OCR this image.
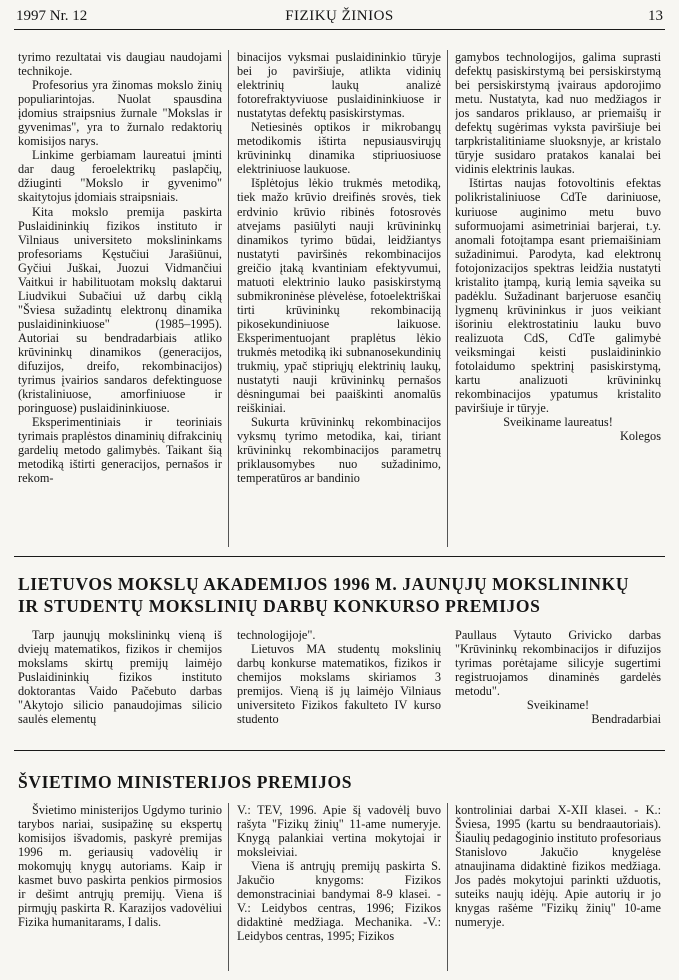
1997 Nr. 12	FIZIKŲ ŽINIOS	13

tyrimo rezultatai vis daugiau naudojami technikoje.

Profesorius yra žinomas mokslo žinių populiarintojas. Nuolat spausdina įdomius straipsnius žurnale "Mokslas ir gyvenimas", yra to žurnalo redaktorių komisijos narys.

Linkime gerbiamam laureatui įminti dar daug feroelektrikų paslapčių, džiuginti "Mokslo ir gyvenimo" skaitytojus įdomiais straipsniais.

Kita mokslo premija paskirta Puslaidininkių fizikos instituto ir Vilniaus universiteto mokslininkams profesoriams Kęstučiui Jarašiūnui, Gyčiui Juškai, Juozui Vidmančiui Vaitkui ir habilituotam mokslų daktarui Liudvikui Subačiui už darbų ciklą "Šviesa sužadintų elektronų dinamika puslaidininkiuose" (1985–1995). Autoriai su bendradarbiais atliko krūvininkų dinamikos (generacijos, difuzijos, dreifo, rekombinacijos) tyrimus įvairios sandaros defektinguose (kristaliniuose, amorfiniuose ir poringuose) puslaidininkiuose.

Eksperimentiniais ir teoriniais tyrimais praplėstos dinaminių difrakcinių gardelių metodo galimybės. Taikant šią metodiką ištirti generacijos, pernašos ir rekom-

binacijos vyksmai puslaidininkio tūryje bei jo paviršiuje, atlikta vidinių elektrinių laukų analizė fotorefraktyviuose puslaidininkiuose ir nustatytas defektų pasiskirstymas.

Netiesinės optikos ir mikrobangų metodikomis ištirta nepusiausvirųjų krūvininkų dinamika stipriuosiuose elektriniuose laukuose.

Išplėtojus lėkio trukmės metodiką, tiek mažo krūvio dreifinės srovės, tiek erdvinio krūvio ribinės fotosrovės atvejams pasiūlyti nauji krūvininkų dinamikos tyrimo būdai, leidžiantys nustatyti paviršinės rekombinacijos greičio įtaką kvantiniam efektyvumui, matuoti elektrinio lauko pasiskirstymą submikroninėse plėvelėse, fotoelektriškai tirti krūvininkų rekombinaciją pikosekundiniuose laikuose. Eksperimentuojant praplėtus lėkio trukmės metodiką iki subnanosekundinių trukmių, ypač stipriųjų elektrinių laukų, nustatyti nauji krūvininkų pernašos dėsningumai bei paaiškinti anomalūs reiškiniai.

Sukurta krūvininkų rekombinacijos vyksmų tyrimo metodika, kai, tiriant krūvininkų rekombinacijos parametrų priklausomybes nuo sužadinimo, temperatūros ar bandinio

gamybos technologijos, galima suprasti defektų pasiskirstymą bei persiskirstymą bei persiskirstymą įvairaus apdorojimo metu. Nustatyta, kad nuo medžiagos ir jos sandaros priklauso, ar priemaišų ir defektų sugėrimas vyksta paviršiuje bei tarpkristalitiniame sluoksnyje, ar kristalo tūryje susidaro pratakos kanalai bei vidinis elektrinis laukas.

Ištirtas naujas fotovoltinis efektas polikristaliniuose CdTe dariniuose, kuriuose auginimo metu buvo suformuojami asimetriniai barjerai, t.y. anomali fotoįtampa esant priemaišiniam sužadinimui. Parodyta, kad elektronų fotojonizacijos spektras leidžia nustatyti kristalito įtampą, kurią lemia sąveika su padėklu. Sužadinant barjeruose esančių lygmenų krūvininkus ir juos veikiant išoriniu elektrostatiniu lauku buvo realizuota CdS, CdTe galimybė veiksmingai keisti puslaidininkio fotolaidumo spektrinį pasiskirstymą, kartu analizuoti krūvininkų rekombinacijos ypatumus kristalito paviršiuje ir tūryje.

Sveikiname laureatus!

Kolegos

LIETUVOS MOKSLŲ AKADEMIJOS 1996 M. JAUNŲJŲ MOKSLININKŲ
IR STUDENTŲ MOKSLINIŲ DARBŲ KONKURSO PREMIJOS

Tarp jaunųjų mokslininkų vieną iš dviejų matematikos, fizikos ir chemijos mokslams skirtų premijų laimėjo Puslaidininkių fizikos instituto doktorantas Vaido Pačebuto darbas "Akytojo silicio panaudojimas silicio saulės elementų

technologijoje".

Lietuvos MA studentų mokslinių darbų konkurse matematikos, fizikos ir chemijos mokslams skiriamos 3 premijos. Vieną iš jų laimėjo Vilniaus universiteto Fizikos fakulteto IV kurso studento

Paullaus Vytauto Grivicko darbas "Krūvininkų rekombinacijos ir difuzijos tyrimas porėtajame silicyje sugertimi registruojamos dinaminės gardelės metodu".

Sveikiname!

Bendradarbiai

ŠVIETIMO MINISTERIJOS PREMIJOS

Švietimo ministerijos Ugdymo turinio tarybos nariai, susipažinę su ekspertų komisijos išvadomis, paskyrė premijas 1996 m. geriausių vadovėlių ir mokomųjų knygų autoriams. Kaip ir kasmet buvo paskirta penkios pirmosios ir dešimt antrųjų premijų. Viena iš pirmųjų paskirta R. Karazijos vadovėliui Fizika humanitarams, I dalis.

V.: TEV, 1996. Apie šį vadovėlį buvo rašyta "Fizikų žinių" 11-ame numeryje. Knygą palankiai vertina mokytojai ir moksleiviai.

Viena iš antrųjų premijų paskirta S. Jakučio knygoms: Fizikos demonstraciniai bandymai 8-9 klasei. -V.: Leidybos centras, 1996; Fizikos didaktinė medžiaga. Mechanika. -V.: Leidybos centras, 1995; Fizikos

kontroliniai darbai X-XII klasei. - K.: Šviesa, 1995 (kartu su bendraautoriais). Šiaulių pedagoginio instituto profesoriaus Stanislovo Jakučio knygelėse atnaujinama didaktinė fizikos medžiaga. Jos padės mokytojui parinkti užduotis, suteiks naujų idėjų. Apie autorių ir jo knygas rašėme "Fizikų žinių" 10-ame numeryje.
